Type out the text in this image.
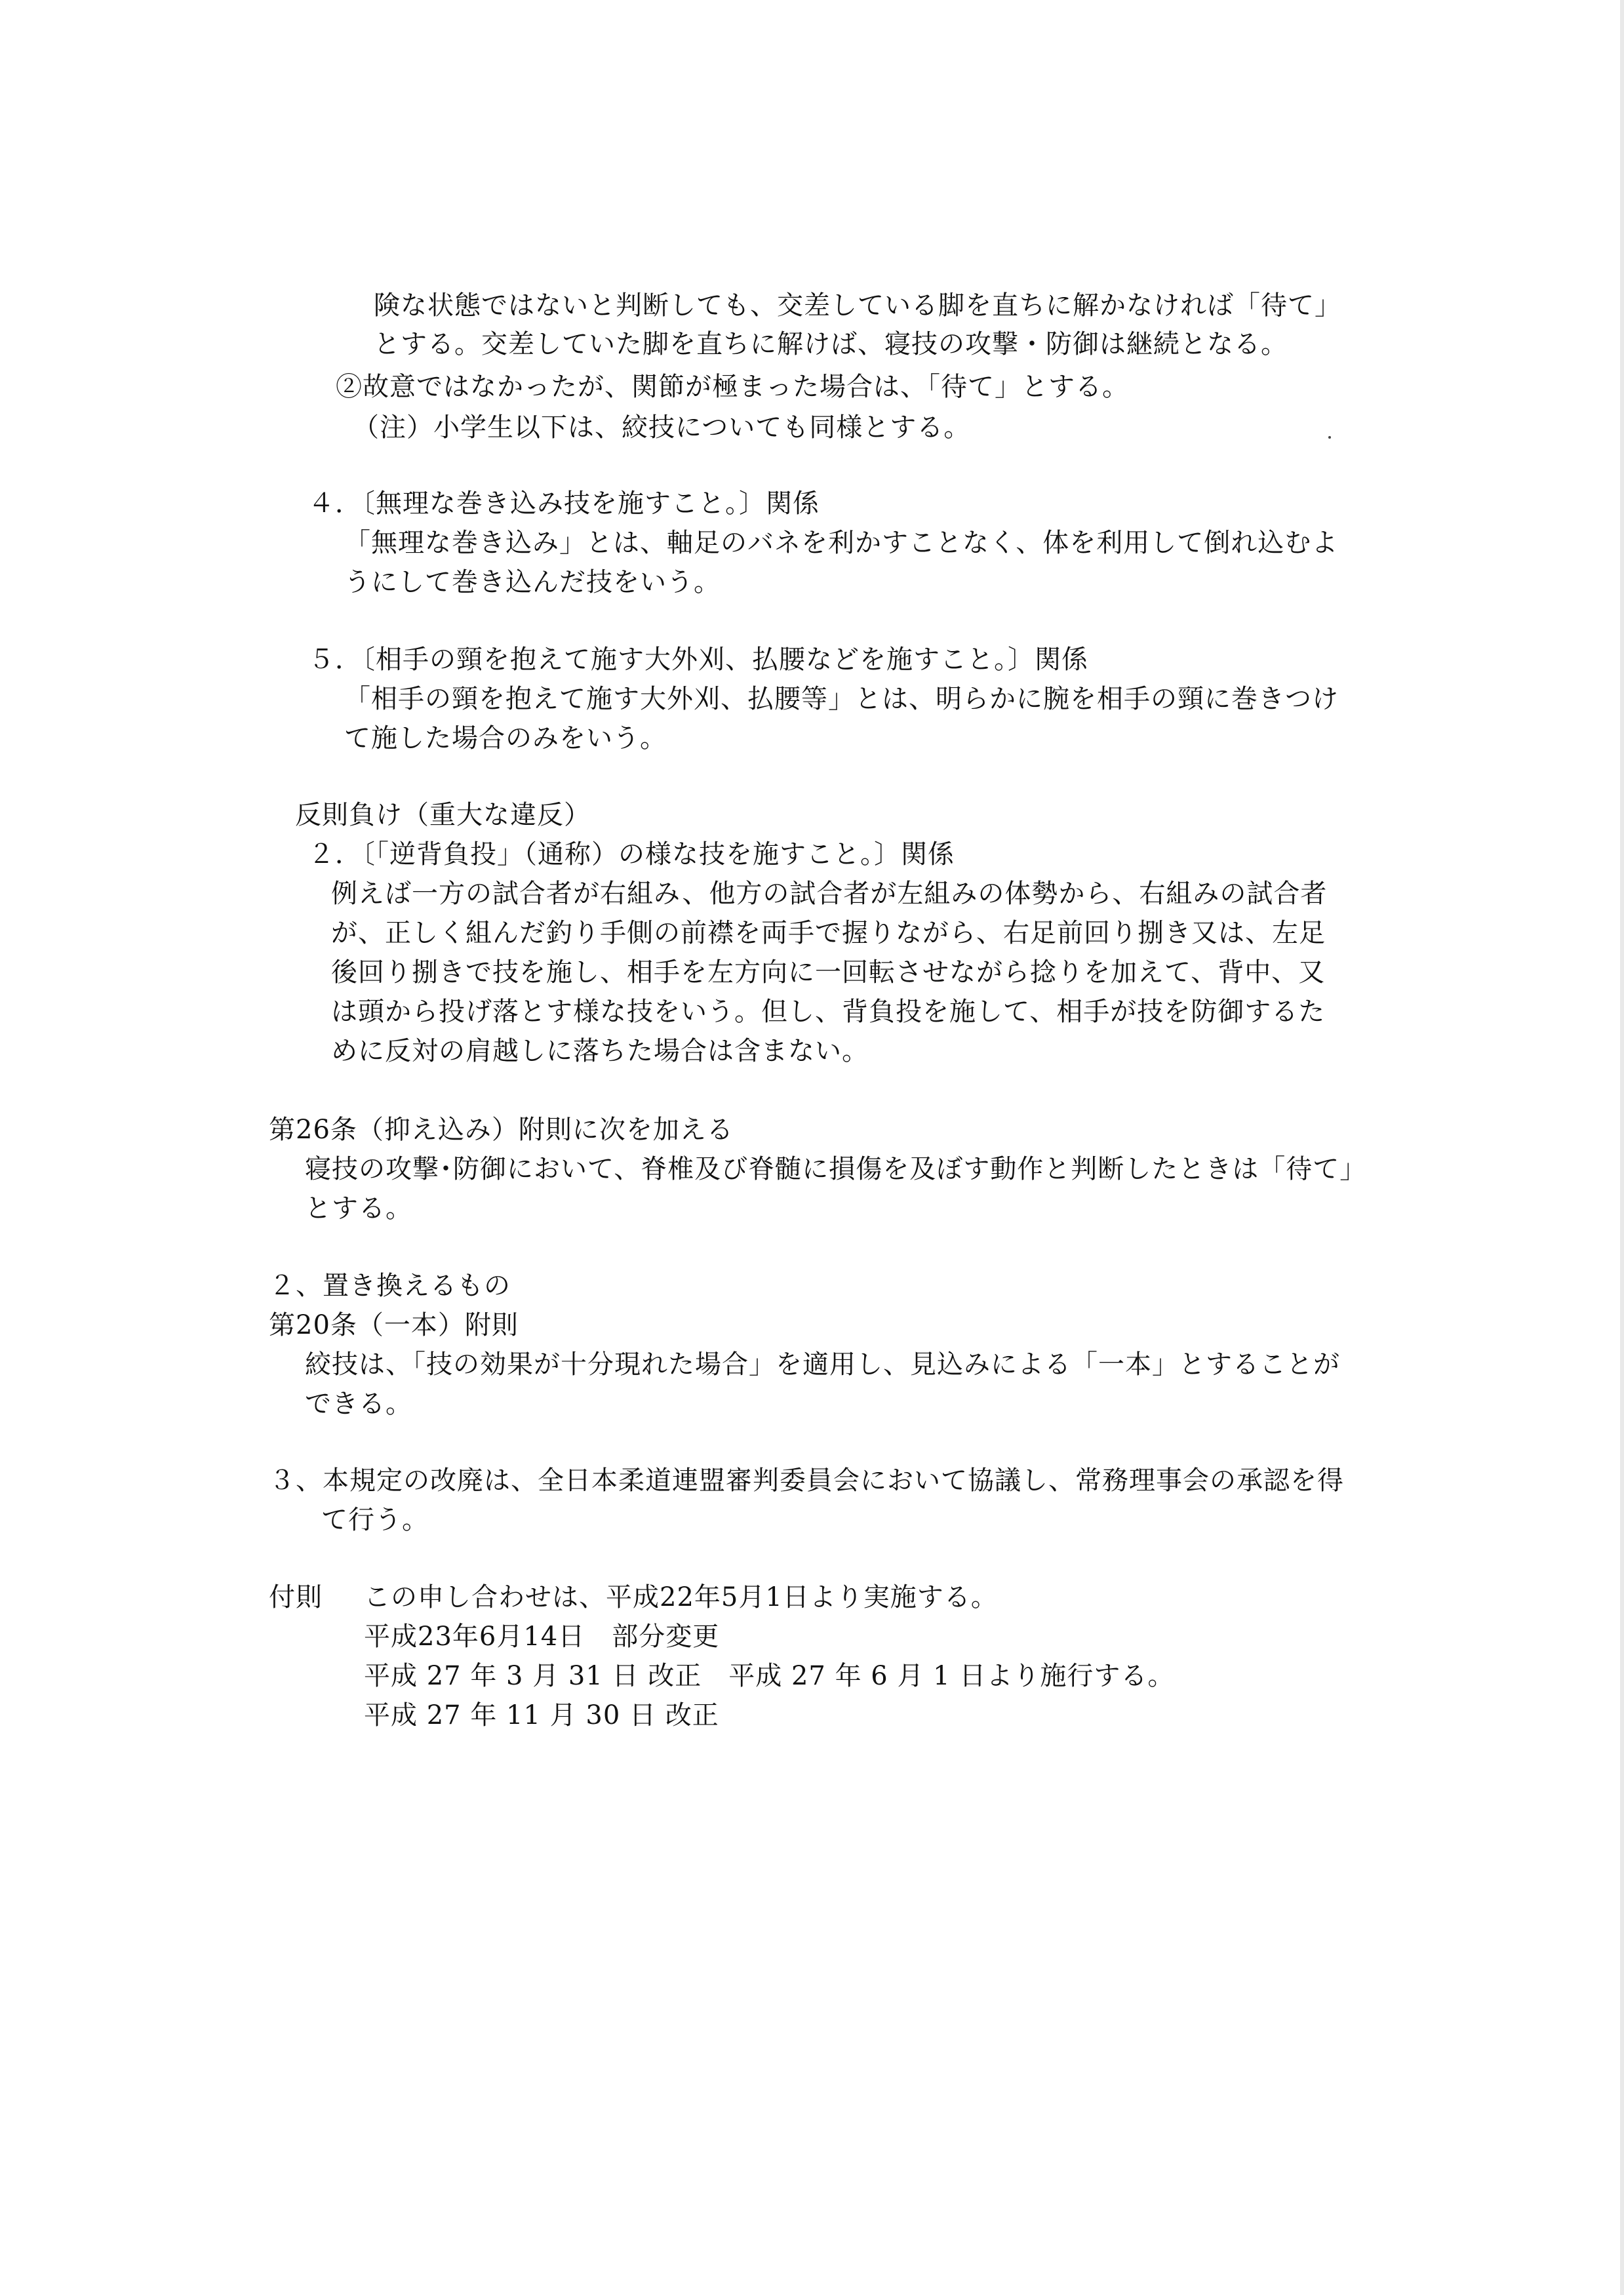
険な状態ではないと判断しても、交差している脚を直ちに解かなければ「待て」
とする。交差していた脚を直ちに解けば、寝技の攻撃・防御は継続となる。
②故意ではなかったが、関節が極まった場合は、「待て」とする。
（注）小学生以下は、絞技についても同様とする。
４．〔無理な巻き込み技を施すこと。〕関係
「無理な巻き込み」とは、軸足のバネを利かすことなく、体を利用して倒れ込むよ
うにして巻き込んだ技をいう。
５．〔相手の頸を抱えて施す大外刈、払腰などを施すこと。〕関係
「相手の頸を抱えて施す大外刈、払腰等」とは、明らかに腕を相手の頸に巻きつけ
て施した場合のみをいう。
反則負け（重大な違反）
２．〔「逆背負投」（通称）の様な技を施すこと。〕関係
例えば一方の試合者が右組み、他方の試合者が左組みの体勢から、右組みの試合者
が、正しく組んだ釣り手側の前襟を両手で握りながら、右足前回り捌き又は、左足
後回り捌きで技を施し、相手を左方向に一回転させながら捻りを加えて、背中、又
は頭から投げ落とす様な技をいう。但し、背負投を施して、相手が技を防御するた
めに反対の肩越しに落ちた場合は含まない。
第26条（抑え込み）附則に次を加える
寝技の攻撃･防御において、脊椎及び脊髄に損傷を及ぼす動作と判断したときは「待て」
とする。
２、置き換えるもの
第20条（一本）附則
絞技は、「技の効果が十分現れた場合」を適用し、見込みによる「一本」とすることが
できる。
３、本規定の改廃は、全日本柔道連盟審判委員会において協議し、常務理事会の承認を得
て行う。
付則 この申し合わせは、平成22年5月1日より実施する。
平成23年6月14日　部分変更
平成 27 年 3 月 31 日 改正　平成 27 年 6 月 1 日より施行する。
平成 27 年 11 月 30 日 改正
